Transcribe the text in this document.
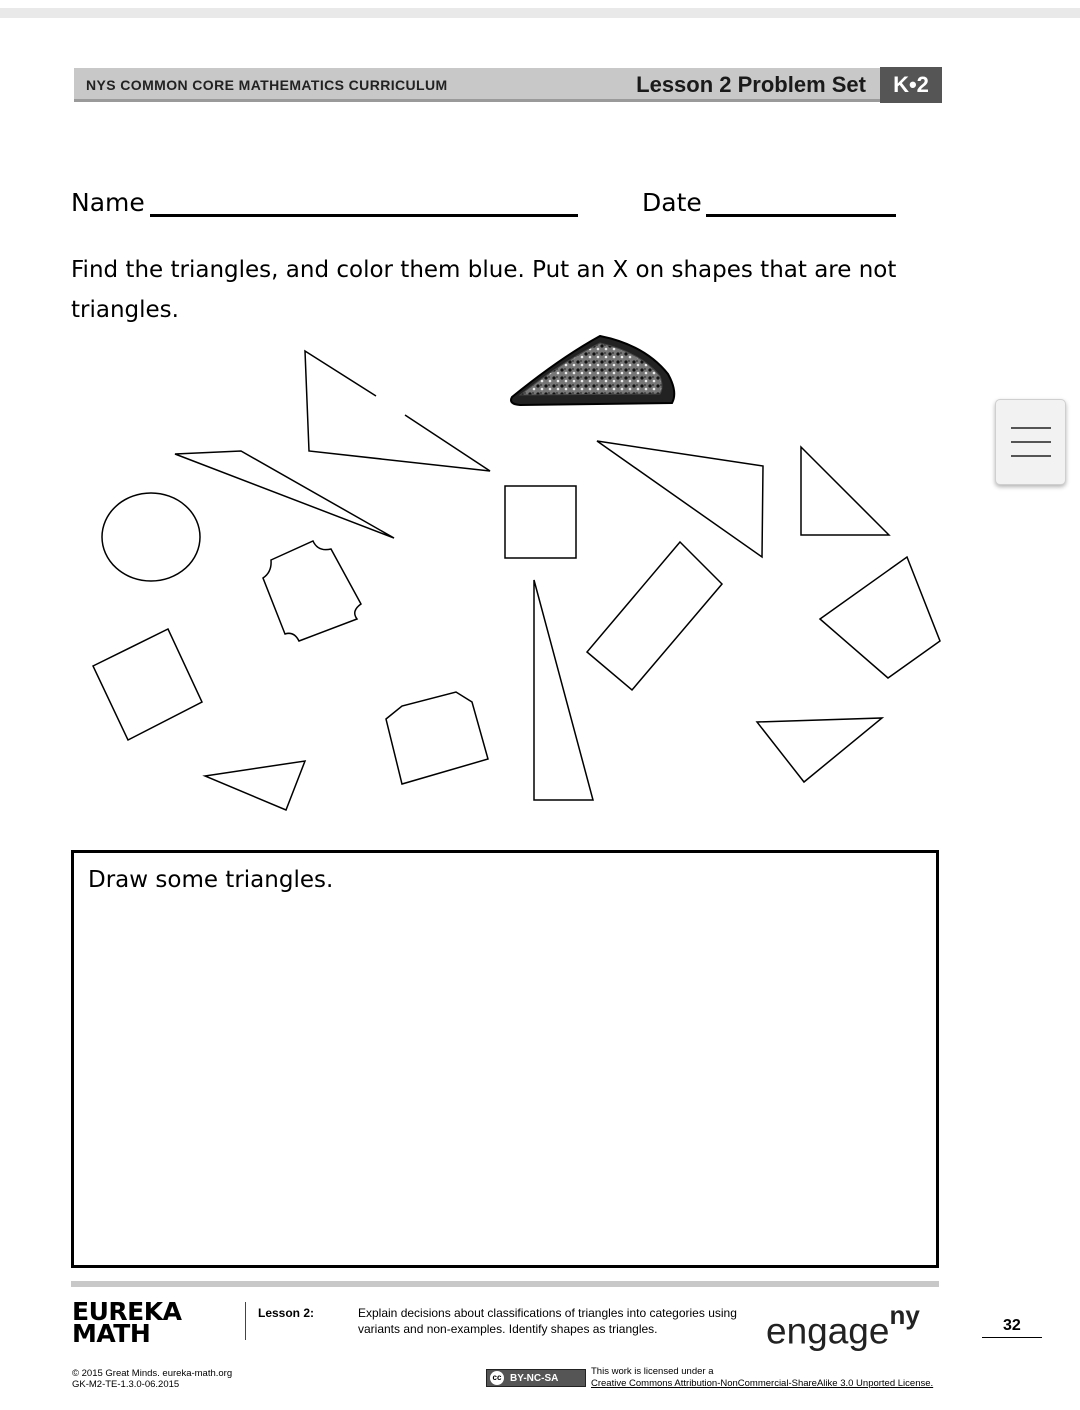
NYS COMMON CORE MATHEMATICS CURRICULUM	Lesson 2 Problem Set	K•2
Name	Date
Find the triangles, and color them blue. Put an X on shapes that are not triangles.
Draw some triangles.
EUREKA
MATH
Lesson 2:	Explain decisions about classifications of triangles into categories using variants and non-examples. Identify shapes as triangles.	engage$^{ny}$	32
© 2015 Great Minds. eureka-math.org
GK-M2-TE-1.3.0-06.2015
cc BY-NC-SA
This work is licensed under a
Creative Commons Attribution-NonCommercial-ShareAlike 3.0 Unported License.
